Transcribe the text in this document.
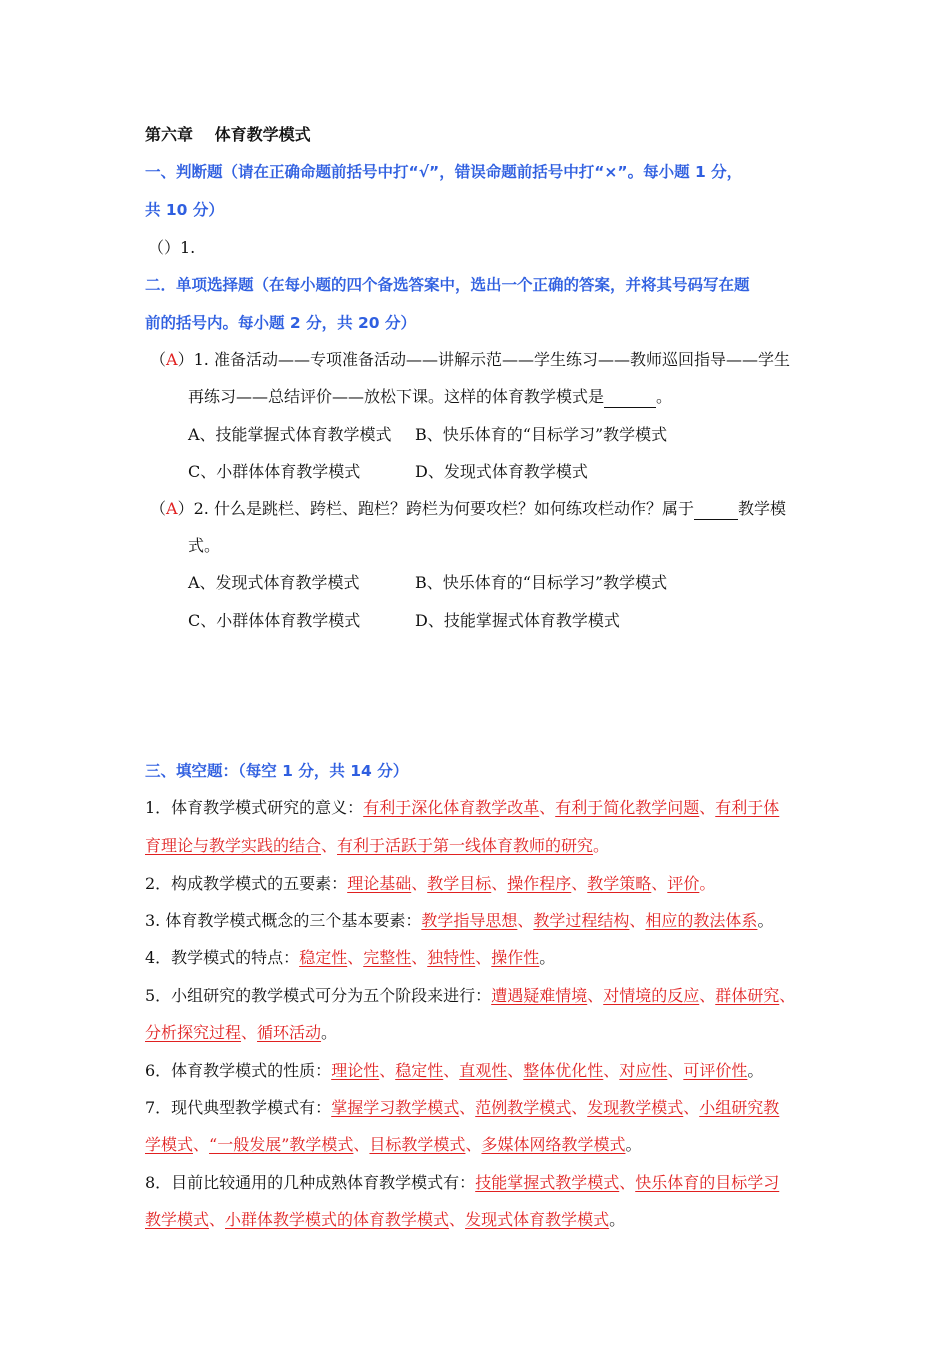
第六章　 体育教学模式
一、判断题（请在正确命题前括号中打“√”，错误命题前括号中打“×”。每小题 1 分，
共 10 分）
（）1.
二．单项选择题（在每小题的四个备选答案中，选出一个正确的答案，并将其号码写在题
前的括号内。每小题 2 分，共 20 分）
（A）1. 准备活动——专项准备活动——讲解示范——学生练习——教师巡回指导——学生
再练习——总结评价——放松下课。这样的体育教学模式是	。
A、技能掌握式体育教学模式 B、快乐体育的“目标学习”教学模式
C、小群体体育教学模式	D、发现式体育教学模式
（A）2. 什么是跳栏、跨栏、跑栏？跨栏为何要攻栏？如何练攻栏动作？属于	教学模
式。
A、发现式体育教学模式	B、快乐体育的“目标学习”教学模式
C、小群体体育教学模式	D、技能掌握式体育教学模式
三、填空题：（每空 1 分，共 14 分）
1．体育教学模式研究的意义：有利于深化体育教学改革、有利于简化教学问题、有利于体
育理论与教学实践的结合、有利于活跃于第一线体育教师的研究。
2．构成教学模式的五要素：理论基础、教学目标、操作程序、教学策略、评价。
3. 体育教学模式概念的三个基本要素：教学指导思想、教学过程结构、相应的教法体系。
4．教学模式的特点：稳定性、完整性、独特性、操作性。
5．小组研究的教学模式可分为五个阶段来进行：遭遇疑难情境、对情境的反应、群体研究、
分析探究过程、循环活动。
6．体育教学模式的性质：理论性、稳定性、直观性、整体优化性、对应性、可评价性。
7．现代典型教学模式有：掌握学习教学模式、范例教学模式、发现教学模式、小组研究教
学模式、“一般发展”教学模式、目标教学模式、多媒体网络教学模式。
8．目前比较通用的几种成熟体育教学模式有：技能掌握式教学模式、快乐体育的目标学习
教学模式、小群体教学模式的体育教学模式、发现式体育教学模式。
